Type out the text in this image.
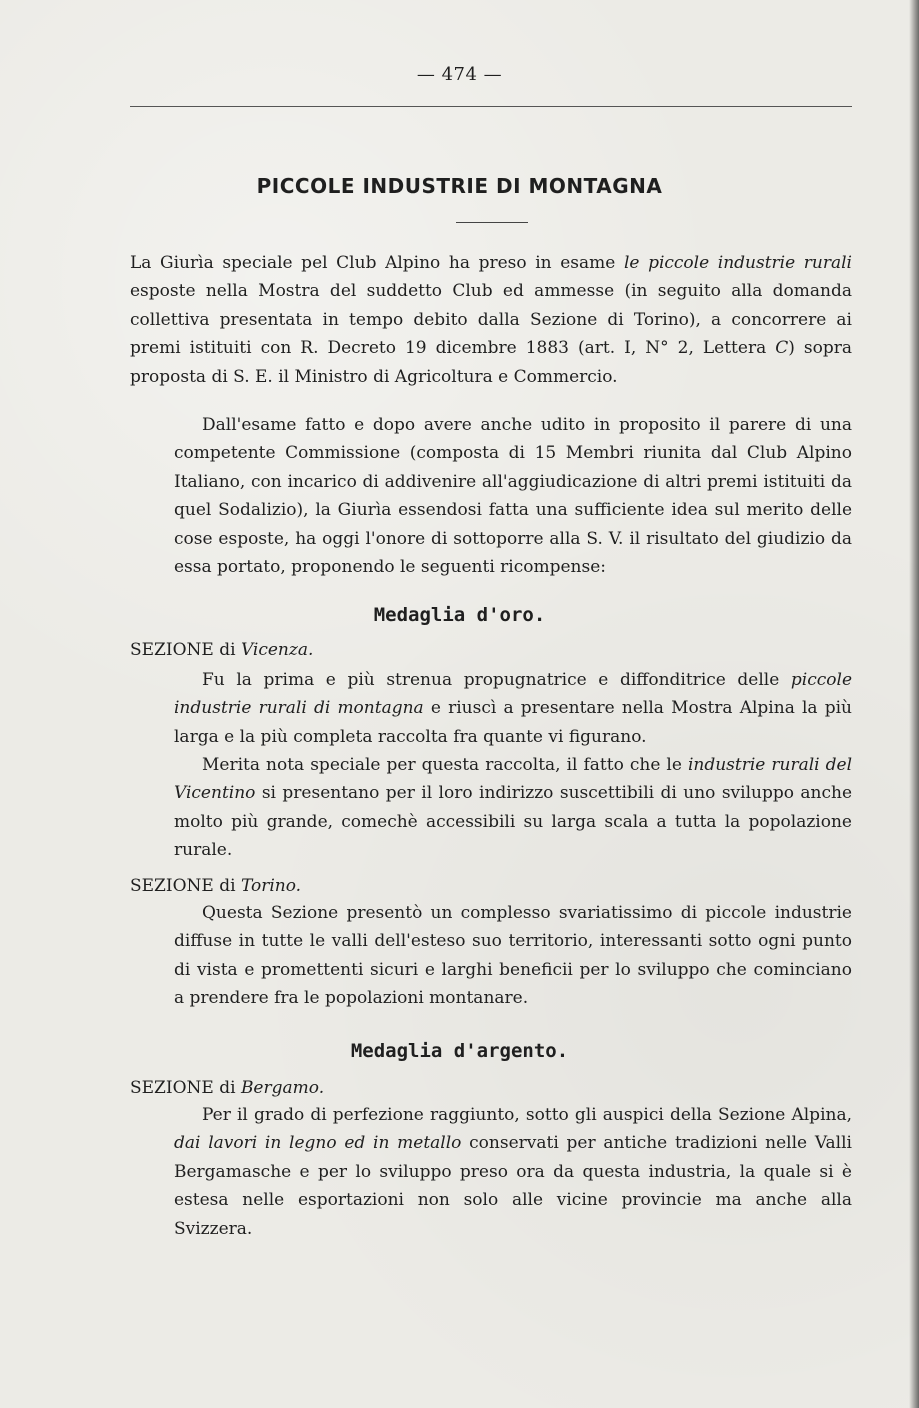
— 474 —
PICCOLE INDUSTRIE DI MONTAGNA

La Giurìa speciale pel Club Alpino ha preso in esame le piccole industrie rurali esposte nella Mostra del suddetto Club ed ammesse (in seguito alla domanda collettiva presentata in tempo debito dalla Sezione di Torino), a concorrere ai premi istituiti con R. Decreto 19 dicembre 1883 (art. I, N° 2, Lettera C) sopra proposta di S. E. il Ministro di Agricoltura e Commercio.

Dall'esame fatto e dopo avere anche udito in proposito il parere di una competente Commissione (composta di 15 Membri riunita dal Club Alpino Italiano, con incarico di addivenire all'aggiudicazione di altri premi istituiti da quel Sodalizio), la Giurìa essendosi fatta una sufficiente idea sul merito delle cose esposte, ha oggi l'onore di sottoporre alla S. V. il risultato del giudizio da essa portato, proponendo le seguenti ricompense:

Medaglia d'oro.

SEZIONE di Vicenza.

Fu la prima e più strenua propugnatrice e diffonditrice delle piccole industrie rurali di montagna e riuscì a presentare nella Mostra Alpina la più larga e la più completa raccolta fra quante vi figurano.

Merita nota speciale per questa raccolta, il fatto che le industrie rurali del Vicentino si presentano per il loro indirizzo suscettibili di uno sviluppo anche molto più grande, comechè accessibili su larga scala a tutta la popolazione rurale.

SEZIONE di Torino.

Questa Sezione presentò un complesso svariatissimo di piccole industrie diffuse in tutte le valli dell'esteso suo territorio, interessanti sotto ogni punto di vista e promettenti sicuri e larghi beneficii per lo sviluppo che cominciano a prendere fra le popolazioni montanare.

Medaglia d'argento.

SEZIONE di Bergamo.

Per il grado di perfezione raggiunto, sotto gli auspici della Sezione Alpina, dai lavori in legno ed in metallo conservati per antiche tradizioni nelle Valli Bergamasche e per lo sviluppo preso ora da questa industria, la quale si è estesa nelle esportazioni non solo alle vicine provincie ma anche alla Svizzera.
